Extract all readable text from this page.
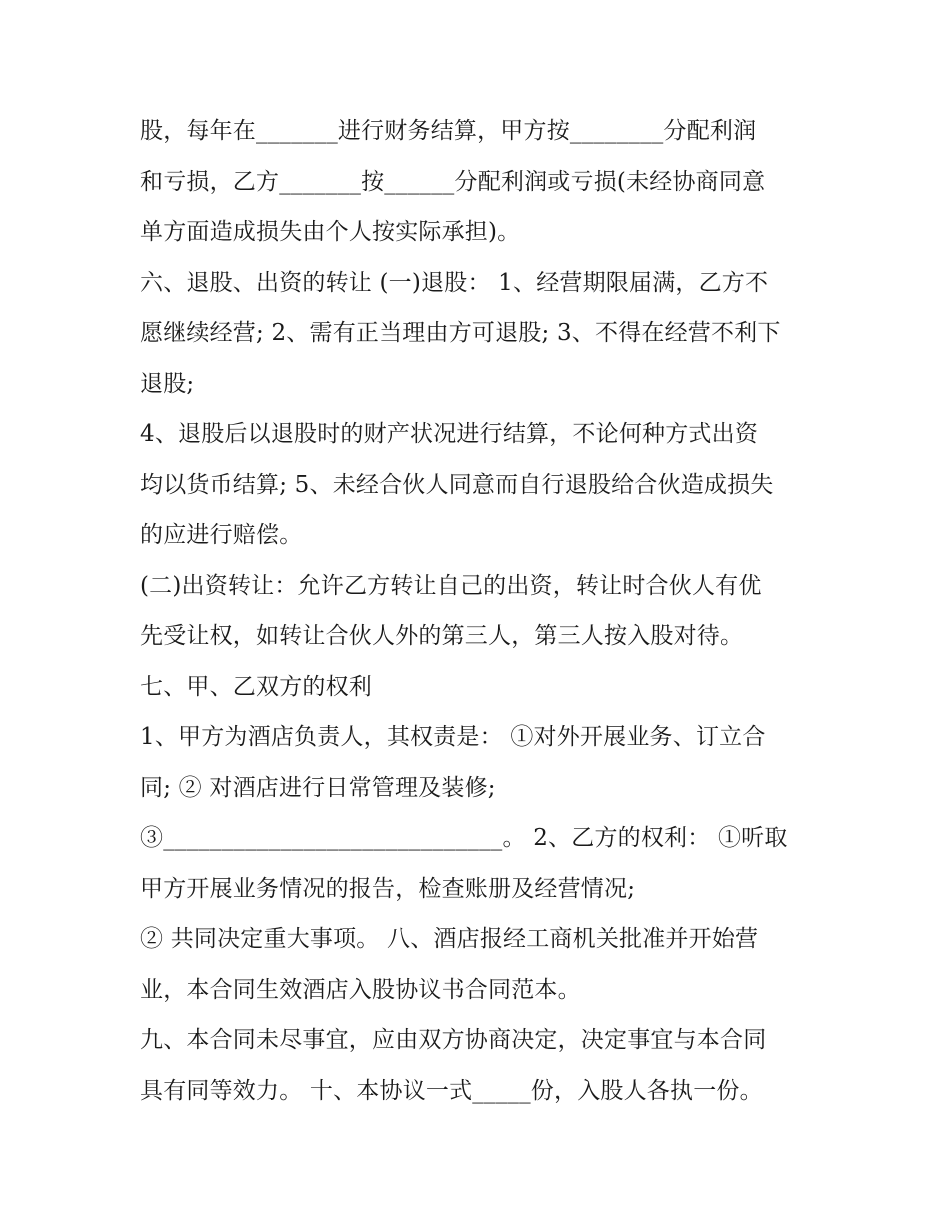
股，每年在_______进行财务结算，甲方按________分配利润
和亏损，乙方_______按______分配利润或亏损(未经协商同意
单方面造成损失由个人按实际承担)。
六、退股、出资的转让 (一)退股： 1、经营期限届满，乙方不
愿继续经营; 2、需有正当理由方可退股; 3、不得在经营不利下
退股;
4、退股后以退股时的财产状况进行结算，不论何种方式出资
均以货币结算; 5、未经合伙人同意而自行退股给合伙造成损失
的应进行赔偿。
(二)出资转让：允许乙方转让自己的出资，转让时合伙人有优
先受让权，如转让合伙人外的第三人，第三人按入股对待。
七、甲、乙双方的权利
1、甲方为酒店负责人，其权责是： ①对外开展业务、订立合
同; ② 对酒店进行日常管理及装修;
③_____________________________。 2、乙方的权利： ①听取
甲方开展业务情况的报告，检查账册及经营情况;
② 共同决定重大事项。 八、酒店报经工商机关批准并开始营
业，本合同生效酒店入股协议书合同范本。
九、本合同未尽事宜，应由双方协商决定，决定事宜与本合同
具有同等效力。 十、本协议一式_____份，入股人各执一份。
